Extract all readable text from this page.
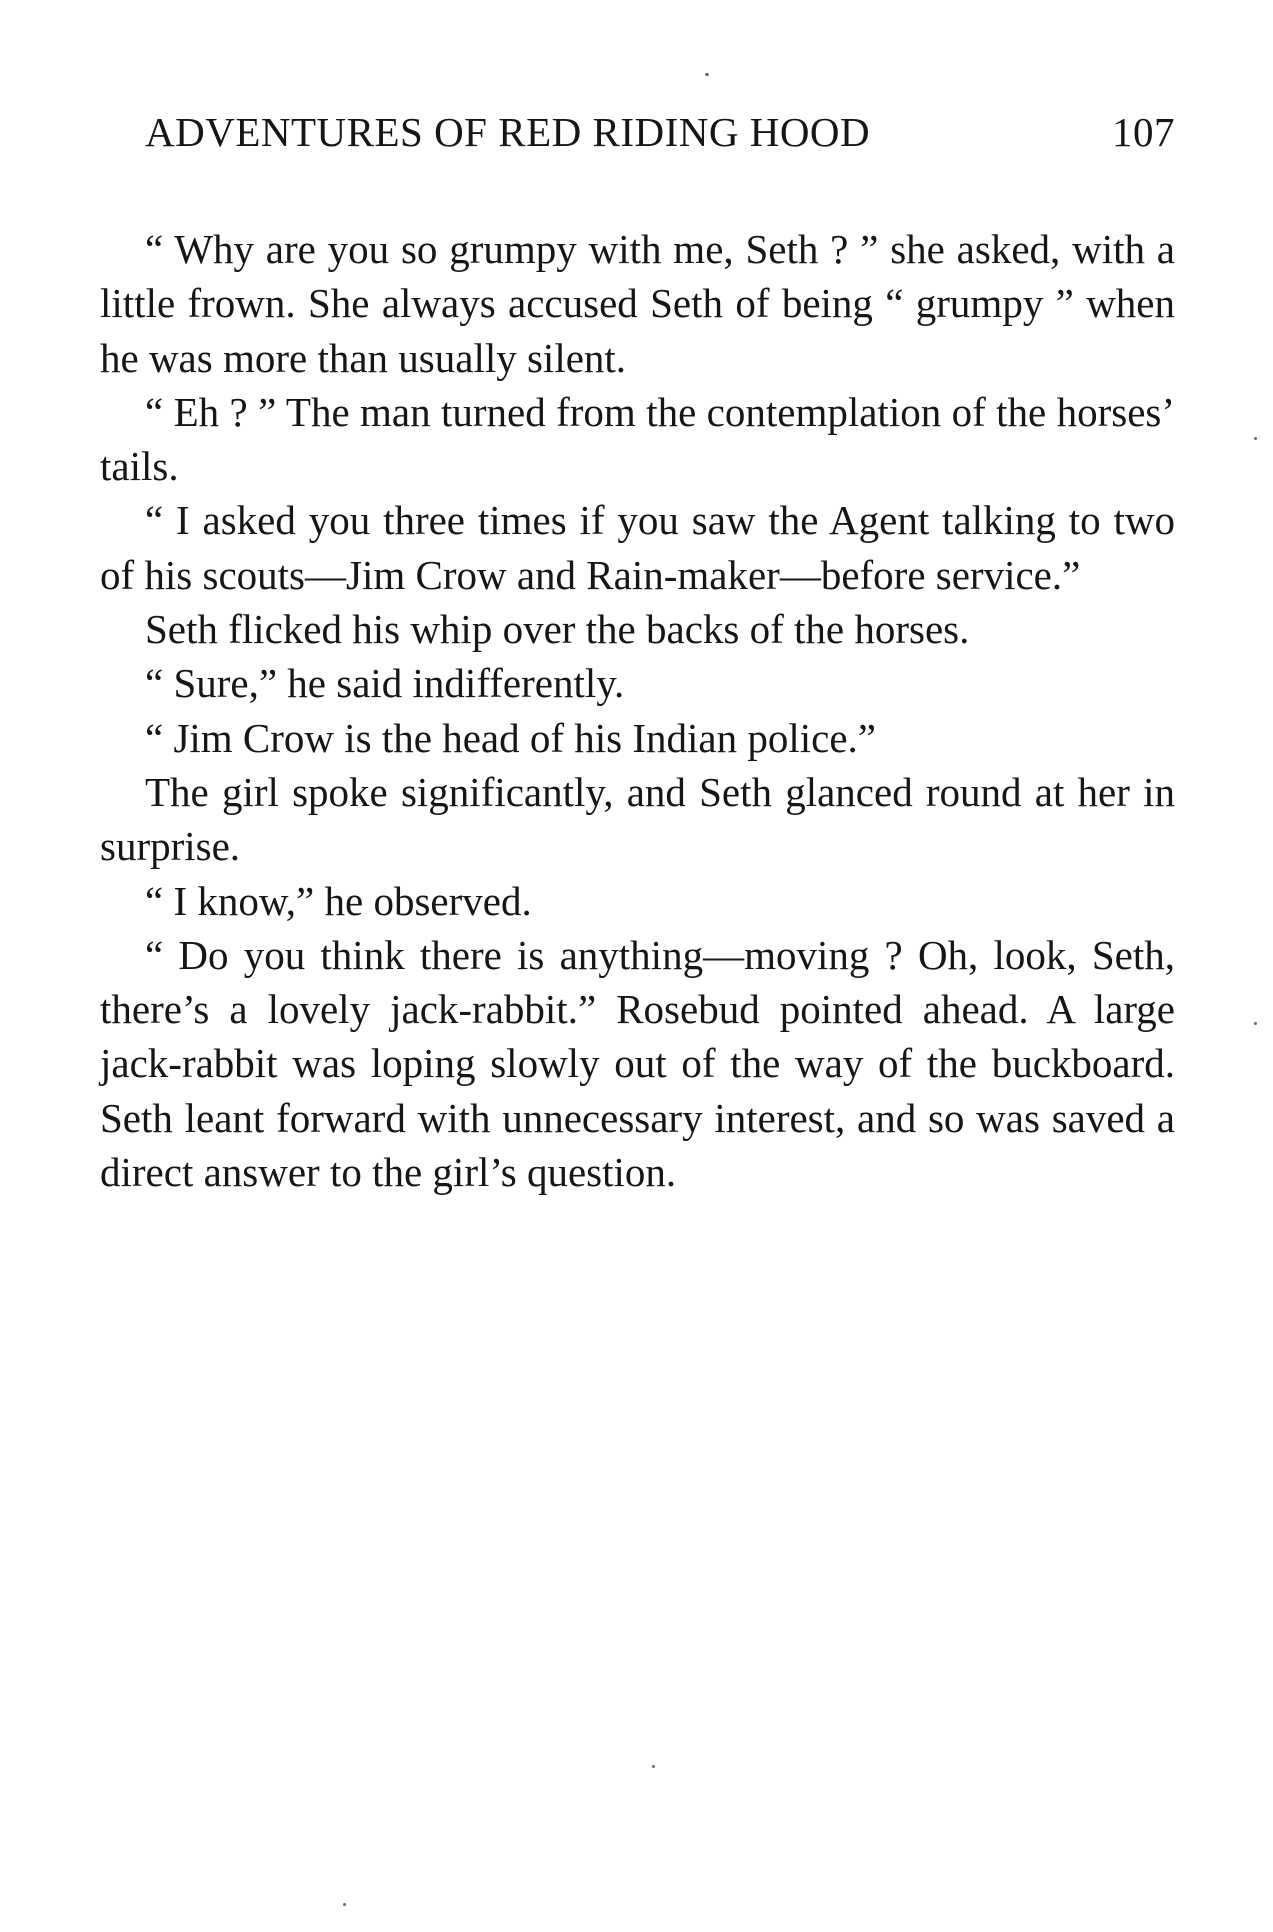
ADVENTURES OF RED RIDING HOOD	107

“ Why are you so grumpy with me, Seth ? ” she asked, with a little frown. She always accused Seth of being “ grumpy ” when he was more than usually silent.

“ Eh ? ” The man turned from the contemplation of the horses’ tails.

“ I asked you three times if you saw the Agent talking to two of his scouts—Jim Crow and Rain-maker—before service.”

Seth flicked his whip over the backs of the horses.

“ Sure,” he said indifferently.

“ Jim Crow is the head of his Indian police.”

The girl spoke significantly, and Seth glanced round at her in surprise.

“ I know,” he observed.

“ Do you think there is anything—moving ? Oh, look, Seth, there’s a lovely jack-rabbit.” Rosebud pointed ahead. A large jack-rabbit was loping slowly out of the way of the buckboard. Seth leant forward with unnecessary interest, and so was saved a direct answer to the girl’s question.
